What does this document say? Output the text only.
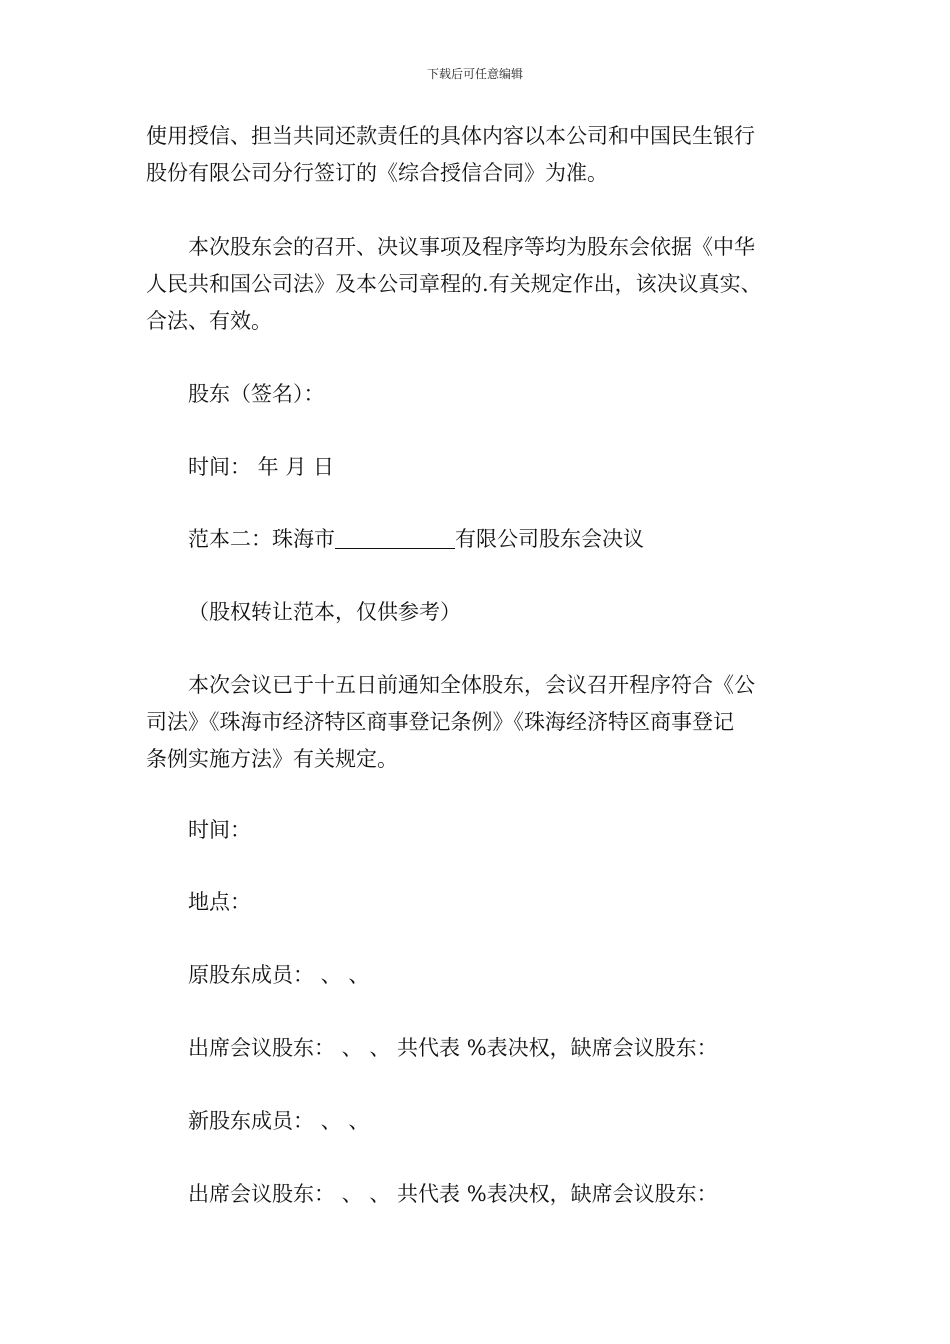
下载后可任意编辑

使用授信、担当共同还款责任的具体内容以本公司和中国民生银行
股份有限公司分行签订的《综合授信合同》为准。

本次股东会的召开、决议事项及程序等均为股东会依据《中华
人民共和国公司法》及本公司章程的.有关规定作出，该决议真实、
合法、有效。

股东（签名）：

时间： 年 月 日

范本二：珠海市	有限公司股东会决议

（股权转让范本，仅供参考）

本次会议已于十五日前通知全体股东，会议召开程序符合《公
司法》《珠海市经济特区商事登记条例》《珠海经济特区商事登记
条例实施方法》有关规定。

时间：

地点：

原股东成员： 、 、

出席会议股东： 、 、 共代表 %表决权，缺席会议股东：

新股东成员： 、 、

出席会议股东： 、 、 共代表 %表决权，缺席会议股东：
